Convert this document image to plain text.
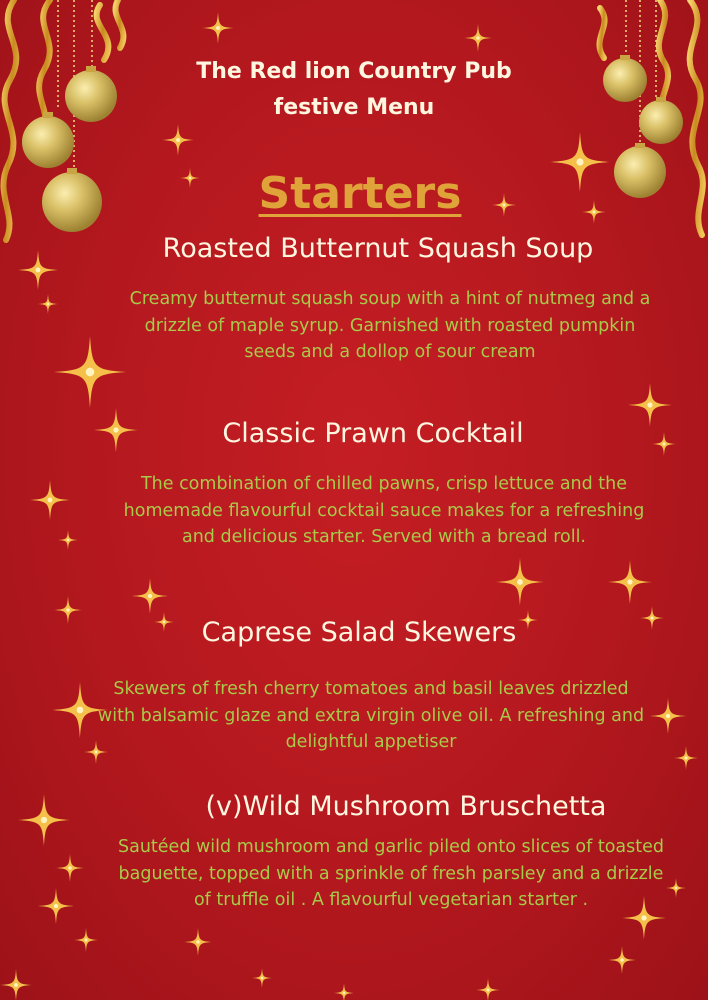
The Red lion Country Pub
festive Menu
Starters
Roasted Butternut Squash Soup
Creamy butternut squash soup with a hint of nutmeg and a drizzle of maple syrup. Garnished with roasted pumpkin seeds and a dollop of sour cream
Classic Prawn Cocktail
The combination of chilled pawns, crisp lettuce and the homemade flavourful cocktail sauce makes for a refreshing and delicious starter. Served with a bread roll.
Caprese Salad Skewers
Skewers of fresh cherry tomatoes and basil leaves drizzled with balsamic glaze and extra virgin olive oil. A refreshing and delightful appetiser
(v)Wild Mushroom Bruschetta
Sautéed wild mushroom and garlic piled onto slices of toasted baguette, topped with a sprinkle of fresh parsley and a drizzle of truffle oil . A flavourful vegetarian starter .
